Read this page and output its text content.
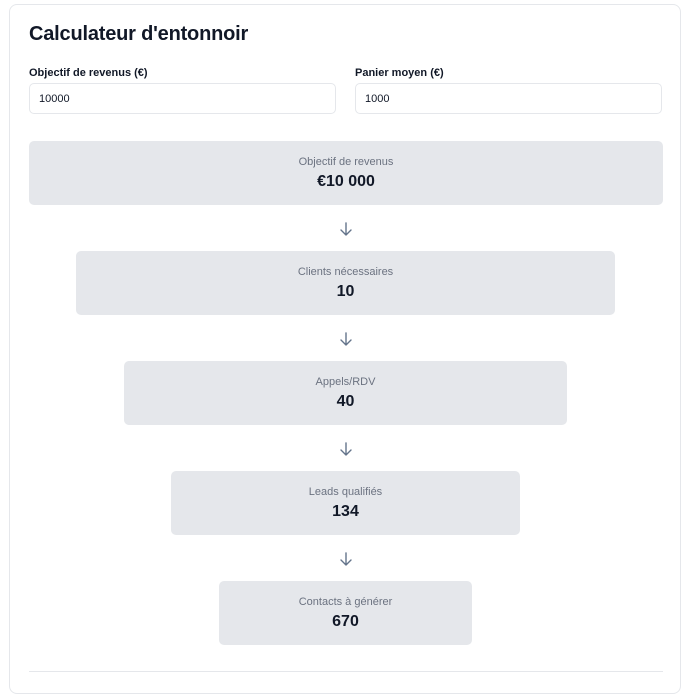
Calculateur d'entonnoir
Objectif de revenus (€)
10000	Panier moyen (€)
1000
Objectif de revenus
€10 000
Clients nécessaires
10
Appels/RDV
40
Leads qualifiés
134
Contacts à générer
670
